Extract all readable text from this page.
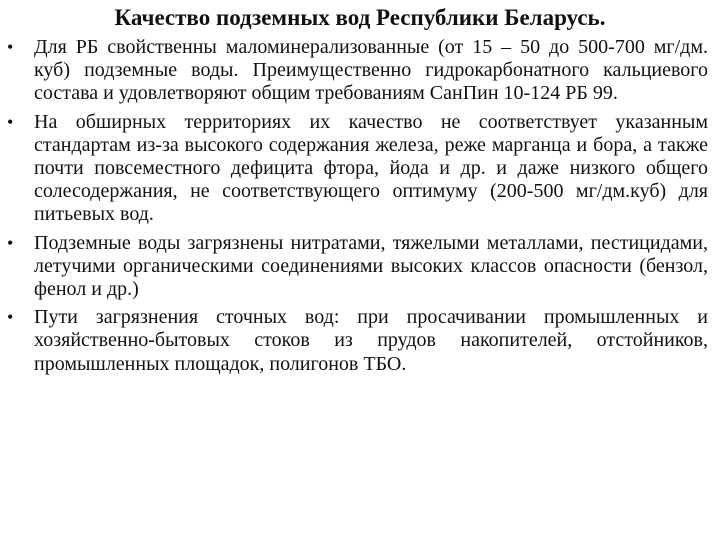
Качество подземных вод Республики Беларусь.
• Для РБ свойственны маломинерализованные (от 15 – 50 до 500-700 мг/дм. куб) подземные воды. Преимущественно гидрокарбонатного кальциевого состава и удовлетворяют общим требованиям СанПин 10-124 РБ 99.
• На обширных территориях их качество не соответствует указанным стандартам из-за высокого содержания железа, реже марганца и бора, а также почти повсеместного дефицита фтора, йода и др. и даже низкого общего солесодержания, не соответствующего оптимуму (200-500 мг/дм.куб) для питьевых вод.
• Подземные воды загрязнены нитратами, тяжелыми металлами, пестицидами, летучими органическими соединениями высоких классов опасности (бензол, фенол и др.)
• Пути загрязнения сточных вод: при просачивании промышленных и хозяйственно-бытовых стоков из прудов накопителей, отстойников, промышленных площадок, полигонов ТБО.
